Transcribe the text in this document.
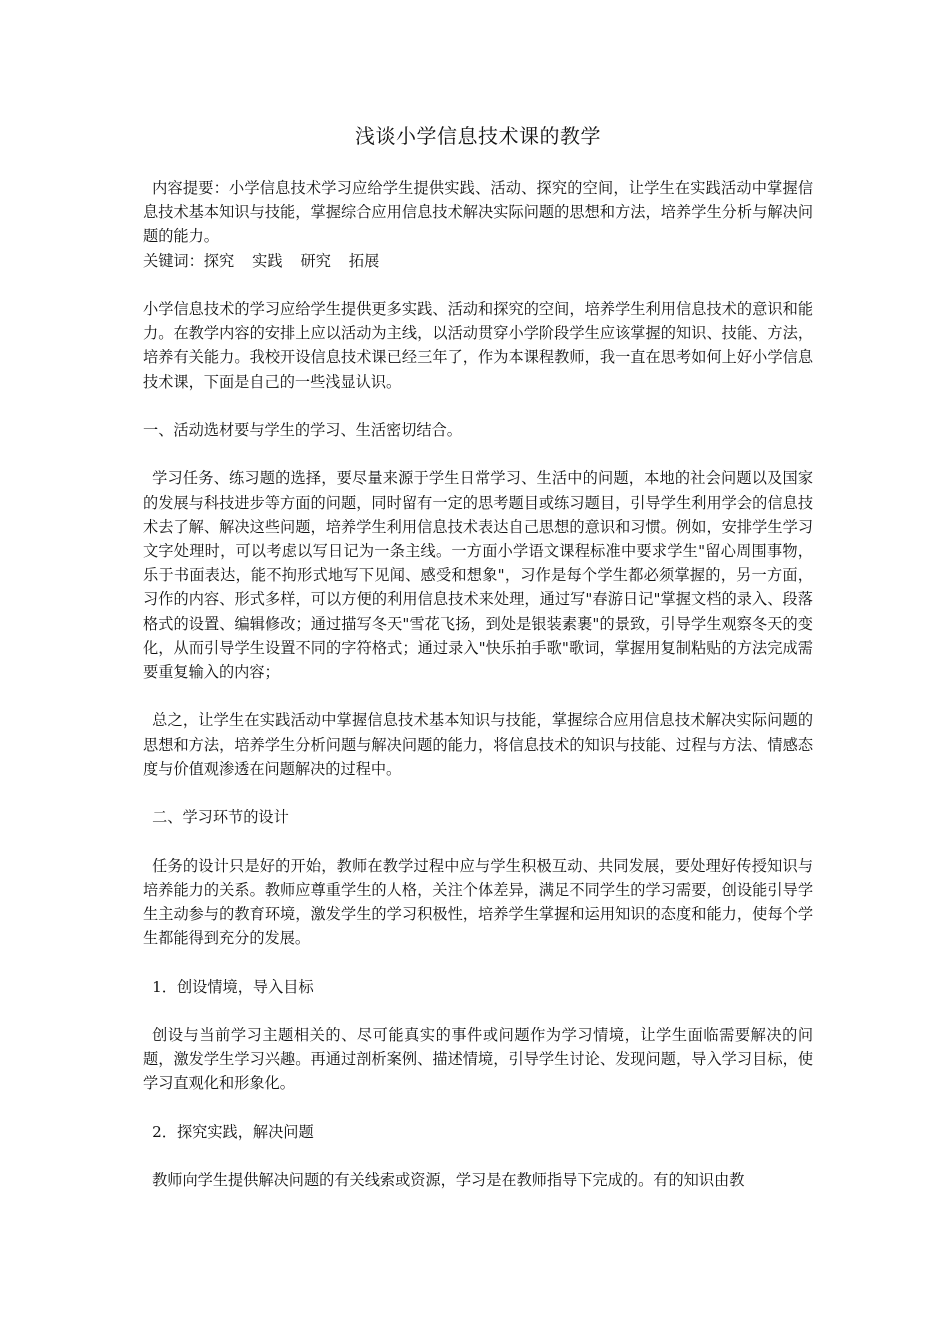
浅谈小学信息技术课的教学

内容提要：小学信息技术学习应给学生提供实践、活动、探究的空间，让学生在实践活动中掌握信息技术基本知识与技能，掌握综合应用信息技术解决实际问题的思想和方法，培养学生分析与解决问题的能力。

关键词：探究 实践 研究 拓展

小学信息技术的学习应给学生提供更多实践、活动和探究的空间，培养学生利用信息技术的意识和能力。在教学内容的安排上应以活动为主线，以活动贯穿小学阶段学生应该掌握的知识、技能、方法，培养有关能力。我校开设信息技术课已经三年了，作为本课程教师，我一直在思考如何上好小学信息技术课，下面是自己的一些浅显认识。

一、活动选材要与学生的学习、生活密切结合。

学习任务、练习题的选择，要尽量来源于学生日常学习、生活中的问题，本地的社会问题以及国家的发展与科技进步等方面的问题，同时留有一定的思考题目或练习题目，引导学生利用学会的信息技术去了解、解决这些问题，培养学生利用信息技术表达自己思想的意识和习惯。例如，安排学生学习文字处理时，可以考虑以写日记为一条主线。一方面小学语文课程标准中要求学生"留心周围事物，乐于书面表达，能不拘形式地写下见闻、感受和想象"，习作是每个学生都必须掌握的，另一方面，习作的内容、形式多样，可以方便的利用信息技术来处理，通过写"春游日记"掌握文档的录入、段落格式的设置、编辑修改；通过描写冬天"雪花飞扬，到处是银装素裹"的景致，引导学生观察冬天的变化，从而引导学生设置不同的字符格式；通过录入"快乐拍手歌"歌词，掌握用复制粘贴的方法完成需要重复输入的内容；

总之，让学生在实践活动中掌握信息技术基本知识与技能，掌握综合应用信息技术解决实际问题的思想和方法，培养学生分析问题与解决问题的能力，将信息技术的知识与技能、过程与方法、情感态度与价值观渗透在问题解决的过程中。

二、学习环节的设计

任务的设计只是好的开始，教师在教学过程中应与学生积极互动、共同发展，要处理好传授知识与培养能力的关系。教师应尊重学生的人格，关注个体差异，满足不同学生的学习需要，创设能引导学生主动参与的教育环境，激发学生的学习积极性，培养学生掌握和运用知识的态度和能力，使每个学生都能得到充分的发展。

1．创设情境，导入目标

创设与当前学习主题相关的、尽可能真实的事件或问题作为学习情境，让学生面临需要解决的问题，激发学生学习兴趣。再通过剖析案例、描述情境，引导学生讨论、发现问题，导入学习目标，使学习直观化和形象化。

2．探究实践，解决问题

教师向学生提供解决问题的有关线索或资源，学习是在教师指导下完成的。有的知识由教
